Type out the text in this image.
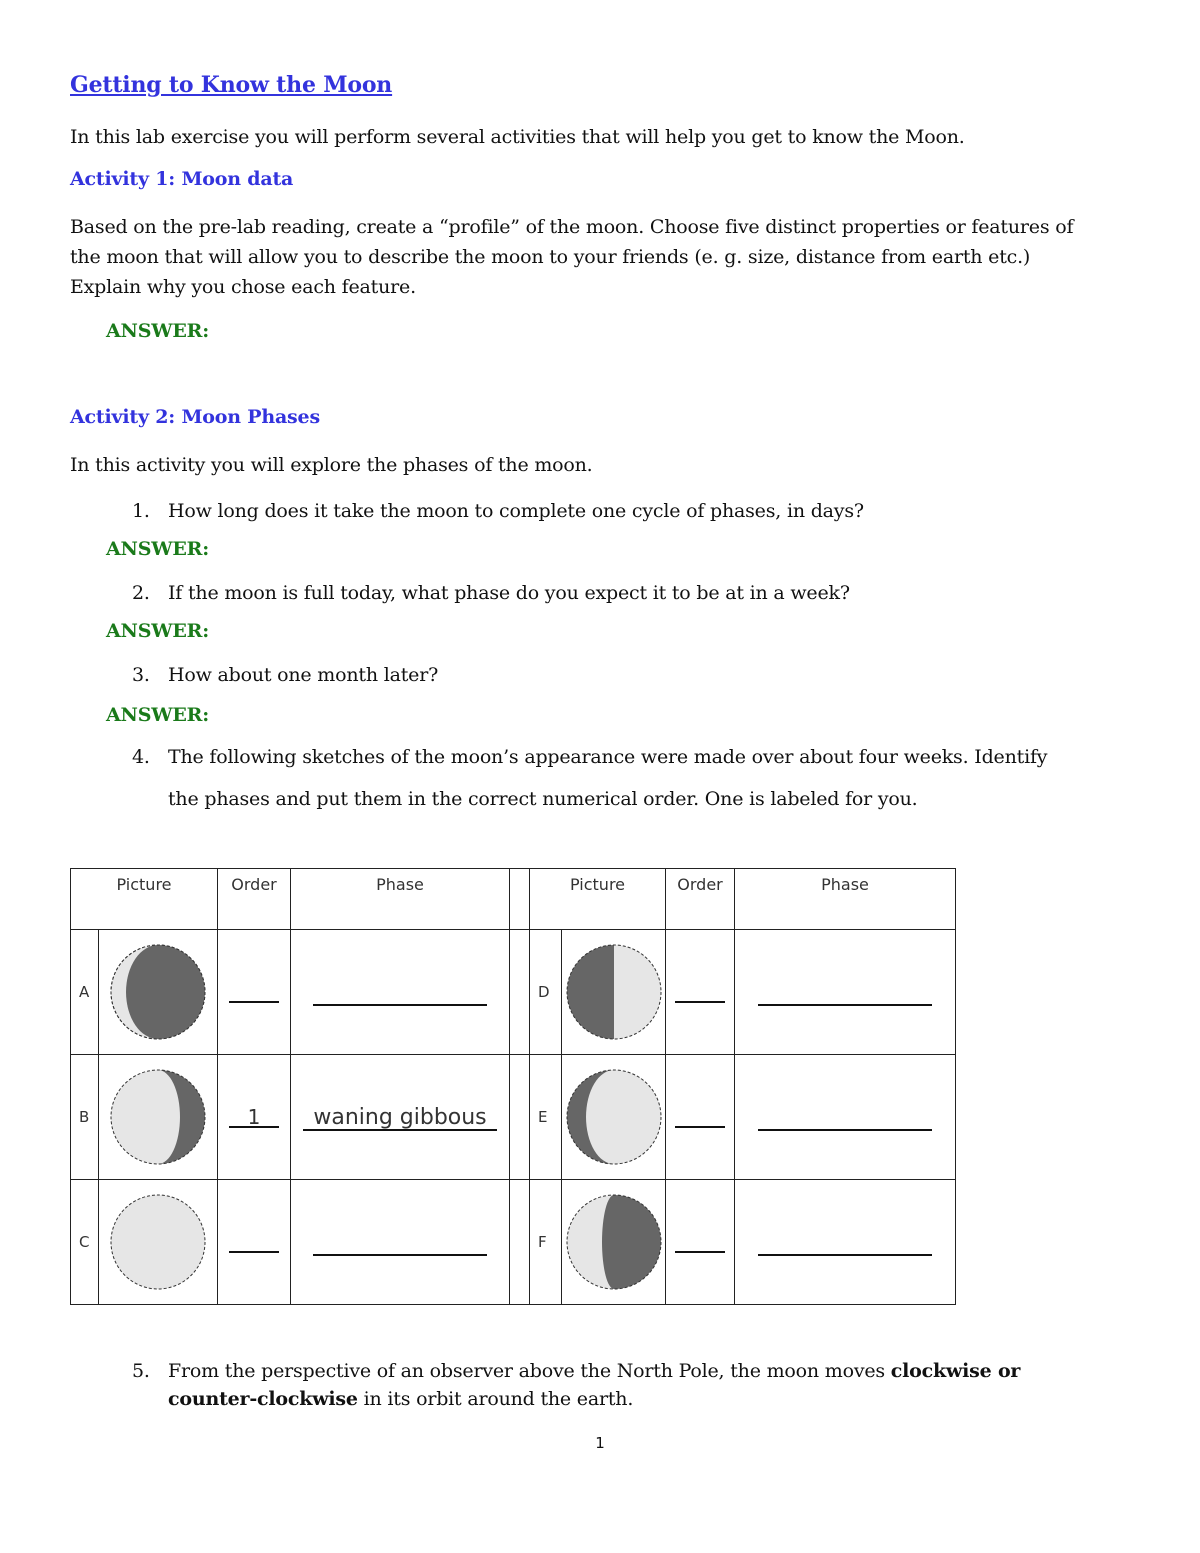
Getting to Know the Moon
In this lab exercise you will perform several activities that will help you get to know the Moon.
Activity 1: Moon data
Based on the pre-lab reading, create a “profile” of the moon. Choose five distinct properties or features of
the moon that will allow you to describe the moon to your friends (e. g. size, distance from earth etc.)
Explain why you chose each feature.
ANSWER:
Activity 2: Moon Phases
In this activity you will explore the phases of the moon.
1. How long does it take the moon to complete one cycle of phases, in days?
ANSWER:
2. If the moon is full today, what phase do you expect it to be at in a week?
ANSWER:
3. How about one month later?
ANSWER:
4. The following sketches of the moon’s appearance were made over about four weeks. Identify
the phases and put them in the correct numerical order. One is labeled for you.
Picture		Order	Phase		Picture		Order	Phase
A					D	

B		1	waning gibbous		E	

C					F	

5. From the perspective of an observer above the North Pole, the moon moves clockwise or
counter-clockwise in its orbit around the earth.
1
